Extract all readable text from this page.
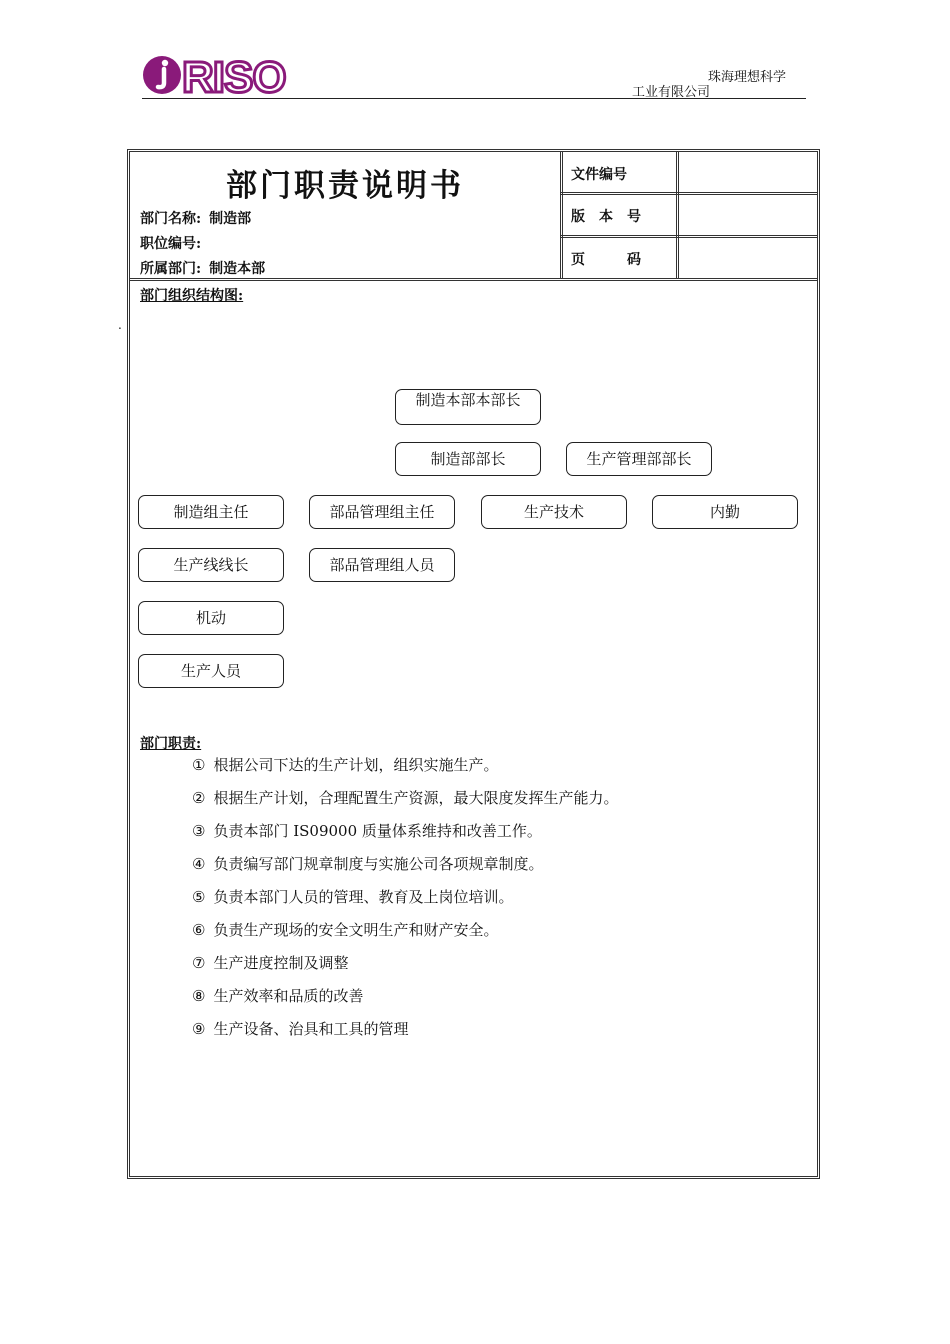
RISO	珠海理想科学
工业有限公司
.
部门职责说明书
部门名称: 制造部
职位编号:
所属部门: 制造本部
文件编号
版　本　号
页　　　码
部门组织结构图:
制造本部本部长
制造部部长	生产管理部部长
制造组主任	部品管理组主任	生产技术	内勤
生产线线长	部品管理组人员
机动
生产人员
部门职责:
① 根据公司下达的生产计划，组织实施生产。
② 根据生产计划，合理配置生产资源，最大限度发挥生产能力。
③ 负责本部门 IS09000 质量体系维持和改善工作。
④ 负责编写部门规章制度与实施公司各项规章制度。
⑤ 负责本部门人员的管理、教育及上岗位培训。
⑥ 负责生产现场的安全文明生产和财产安全。
⑦ 生产进度控制及调整
⑧ 生产效率和品质的改善
⑨ 生产设备、治具和工具的管理
